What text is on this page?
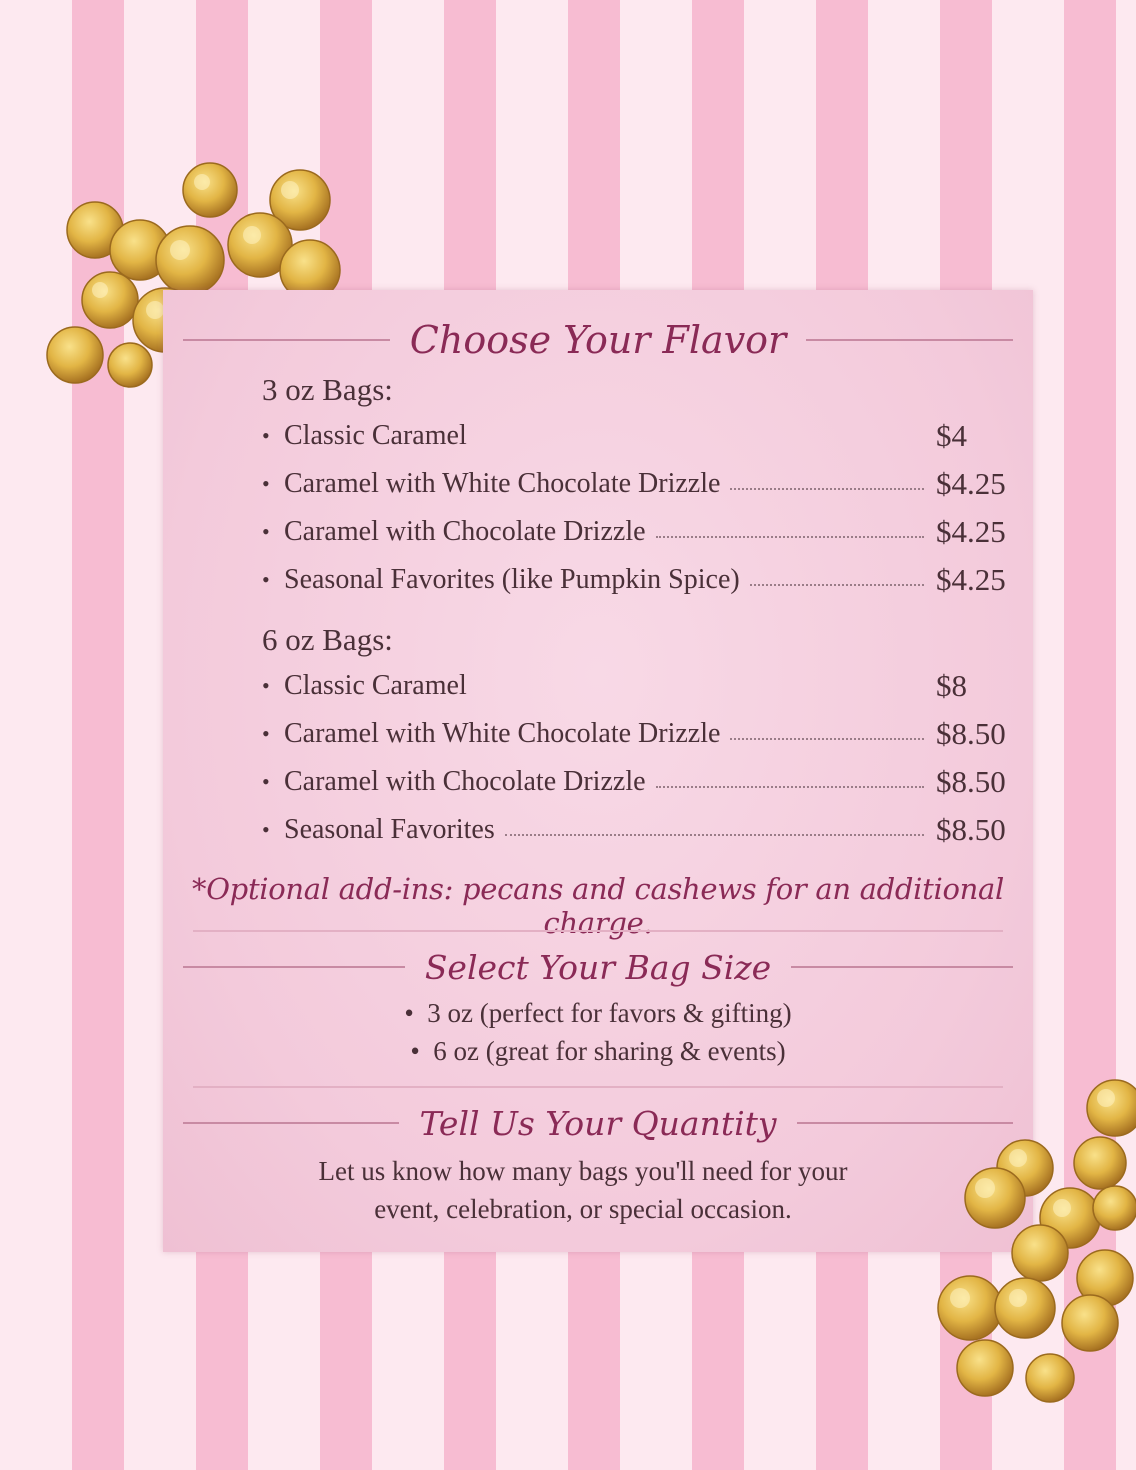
Choose Your Flavor
3 oz Bags:
• Classic Caramel	$4
• Caramel with White Chocolate Drizzle	$4.25
• Caramel with Chocolate Drizzle	$4.25
• Seasonal Favorites (like Pumpkin Spice)	$4.25
6 oz Bags:
• Classic Caramel	$8
• Caramel with White Chocolate Drizzle	$8.50
• Caramel with Chocolate Drizzle	$8.50
• Seasonal Favorites	$8.50
*Optional add-ins: pecans and cashews for an additional charge.
Select Your Bag Size
• 3 oz (perfect for favors & gifting)
• 6 oz (great for sharing & events)
Tell Us Your Quantity
Let us know how many bags you'll need for your
event, celebration, or special occasion.
